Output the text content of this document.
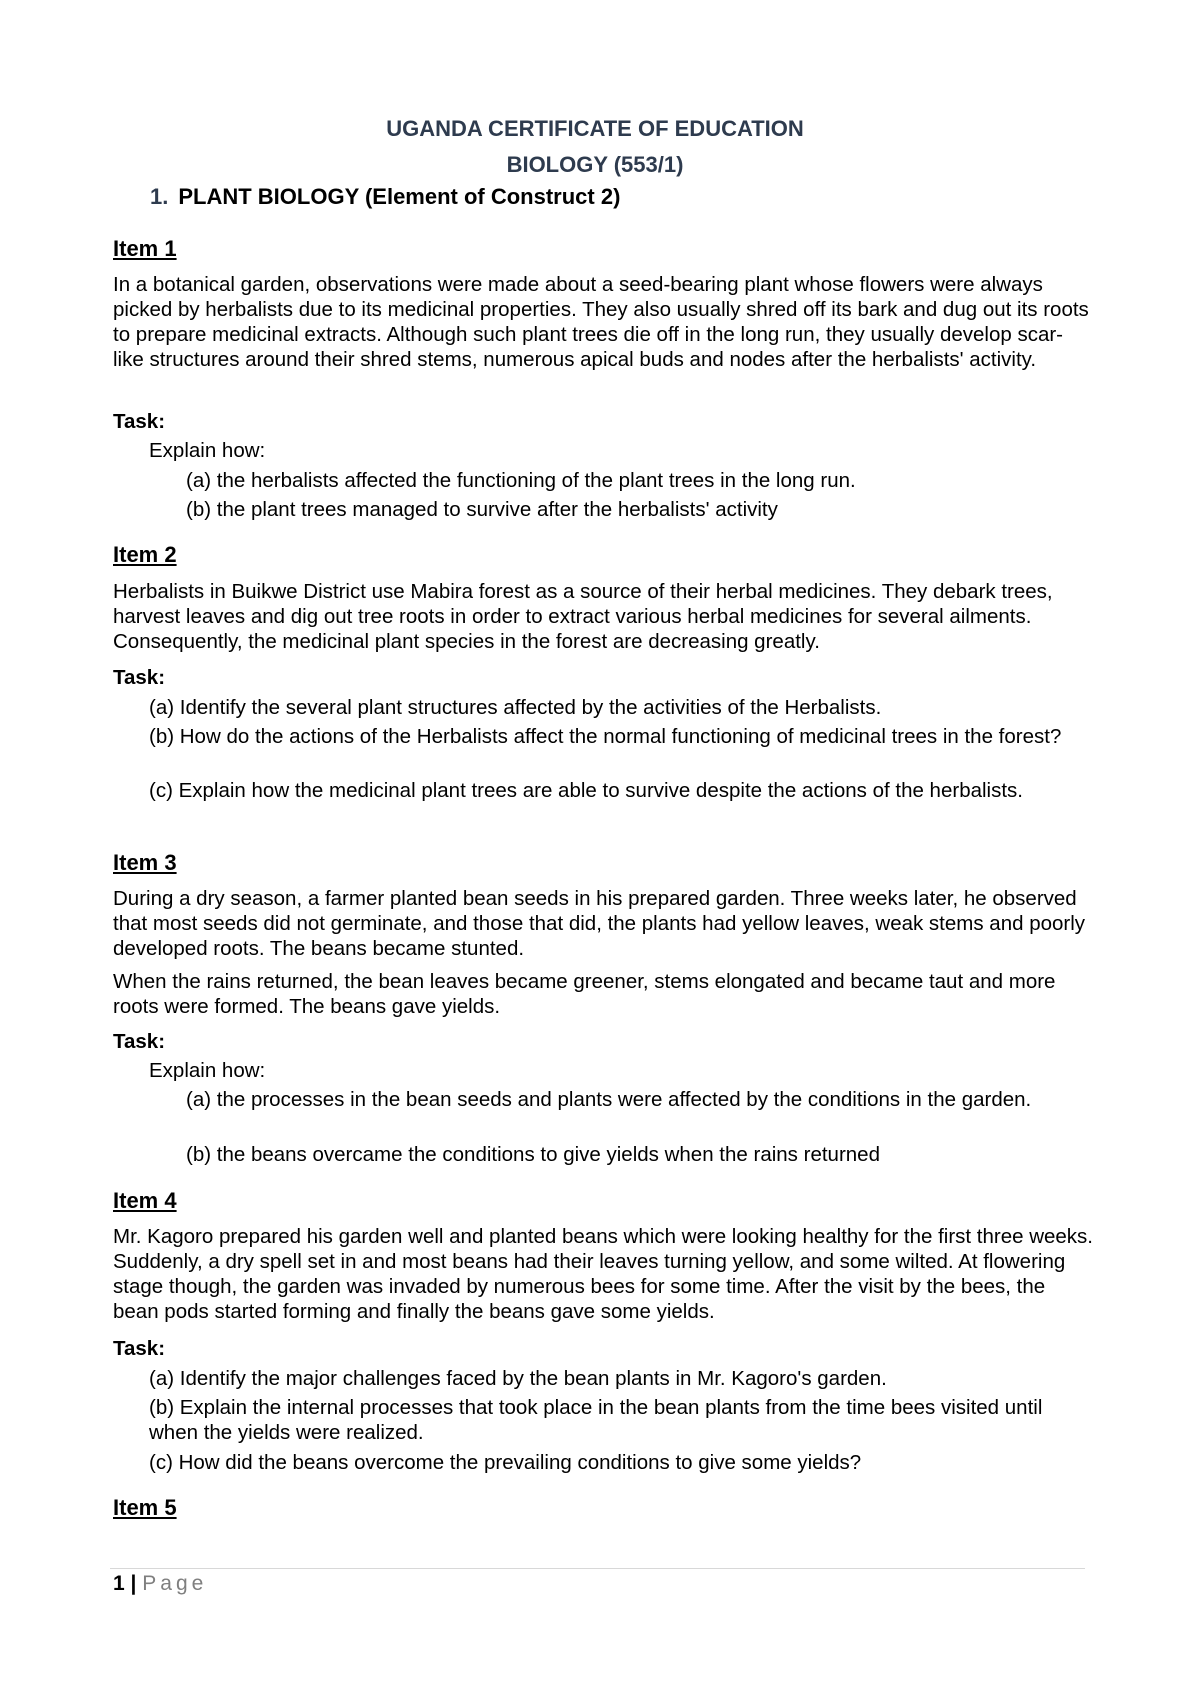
UGANDA CERTIFICATE OF EDUCATION
BIOLOGY (553/1)
1. PLANT BIOLOGY (Element of Construct 2)
Item 1
In a botanical garden, observations were made about a seed-bearing plant whose flowers were always picked by herbalists due to its medicinal properties. They also usually shred off its bark and dug out its roots to prepare medicinal extracts. Although such plant trees die off in the long run, they usually develop scar-like structures around their shred stems, numerous apical buds and nodes after the herbalists' activity.
Task:
Explain how:
(a) the herbalists affected the functioning of the plant trees in the long run.
(b) the plant trees managed to survive after the herbalists' activity
Item 2
Herbalists in Buikwe District use Mabira forest as a source of their herbal medicines. They debark trees, harvest leaves and dig out tree roots in order to extract various herbal medicines for several ailments. Consequently, the medicinal plant species in the forest are decreasing greatly.
Task:
(a) Identify the several plant structures affected by the activities of the Herbalists.
(b) How do the actions of the Herbalists affect the normal functioning of medicinal trees in the forest?
(c) Explain how the medicinal plant trees are able to survive despite the actions of the herbalists.
Item 3
During a dry season, a farmer planted bean seeds in his prepared garden. Three weeks later, he observed that most seeds did not germinate, and those that did, the plants had yellow leaves, weak stems and poorly developed roots. The beans became stunted.
When the rains returned, the bean leaves became greener, stems elongated and became taut and more roots were formed. The beans gave yields.
Task:
Explain how:
(a) the processes in the bean seeds and plants were affected by the conditions in the garden.
(b) the beans overcame the conditions to give yields when the rains returned
Item 4
Mr. Kagoro prepared his garden well and planted beans which were looking healthy for the first three weeks. Suddenly, a dry spell set in and most beans had their leaves turning yellow, and some wilted. At flowering stage though, the garden was invaded by numerous bees for some time. After the visit by the bees, the bean pods started forming and finally the beans gave some yields.
Task:
(a) Identify the major challenges faced by the bean plants in Mr. Kagoro's garden.
(b) Explain the internal processes that took place in the bean plants from the time bees visited until when the yields were realized.
(c) How did the beans overcome the prevailing conditions to give some yields?
Item 5
1 | Page
